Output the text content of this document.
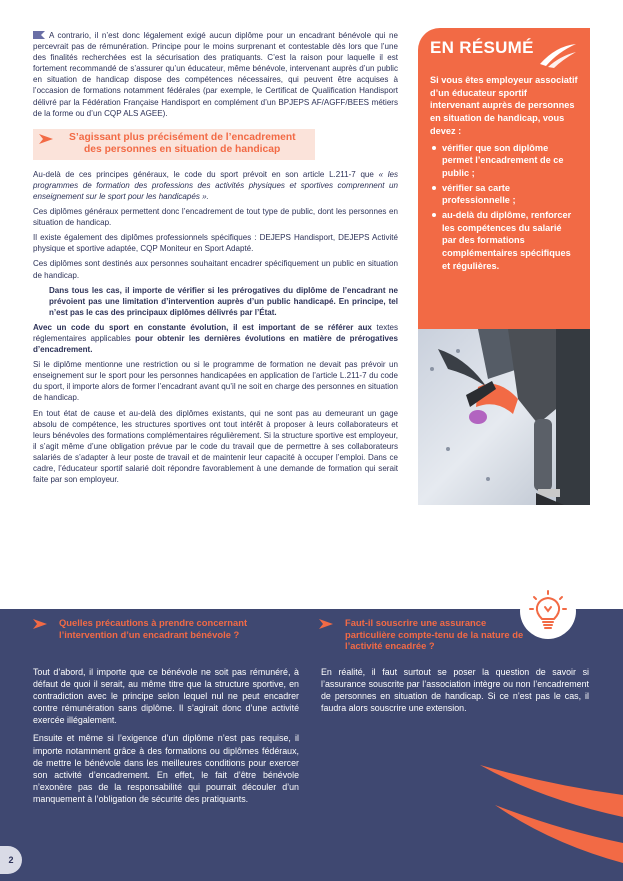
A contrario, il n’est donc légalement exigé aucun diplôme pour un encadrant bénévole qui ne percevrait pas de rémunération. Principe pour le moins surprenant et contestable dès lors que l’une des finalités recherchées est la sécurisation des pratiquants. C’est la raison pour laquelle il est fortement recommandé de s’assurer qu’un éducateur, même bénévole, intervenant auprès d’un public en situation de handicap dispose des compétences nécessaires, qui peuvent être acquises à l’occasion de formations notamment fédérales (par exemple, le Certificat de Qualification Handisport délivré par la Fédération Française Handisport en complément d’un BPJEPS AF/AGFF/BEES métiers de la forme ou d’un CQP ALS AGEE).

S’agissant plus précisément de l’encadrement
des personnes en situation de handicap

Au-delà de ces principes généraux, le code du sport prévoit en son article L.211-7 que « les programmes de formation des professions des activités physiques et sportives comprennent un enseignement sur le sport pour les handicapés ».

Ces diplômes généraux permettent donc l’encadrement de tout type de public, dont les personnes en situation de handicap.

Il existe également des diplômes professionnels spécifiques : DEJEPS Handisport, DEJEPS Activité physique et sportive adaptée, CQP Moniteur en Sport Adapté.

Ces diplômes sont destinés aux personnes souhaitant encadrer spécifiquement un public en situation de handicap.

Dans tous les cas, il importe de vérifier si les prérogatives du diplôme de l’encadrant ne prévoient pas une limitation d’intervention auprès d’un public handicapé. En principe, tel n’est pas le cas des principaux diplômes délivrés par l’État.

Avec un code du sport en constante évolution, il est important de se référer aux textes réglementaires applicables pour obtenir les dernières évolutions en matière de prérogatives d’encadrement.

Si le diplôme mentionne une restriction ou si le programme de formation ne devait pas prévoir un enseignement sur le sport pour les personnes handicapées en application de l’article L.211-7 du code du sport, il importe alors de former l’encadrant avant qu’il ne soit en charge des personnes en situation de handicap.

En tout état de cause et au-delà des diplômes existants, qui ne sont pas au demeurant un gage absolu de compétence, les structures sportives ont tout intérêt à proposer à leurs collaborateurs et leurs bénévoles des formations complémentaires régulièrement. Si la structure sportive est employeur, il s’agit même d’une obligation prévue par le code du travail que de permettre à ses collaborateurs salariés de s’adapter à leur poste de travail et de maintenir leur capacité à occuper l’emploi. Dans ce cadre, l’éducateur sportif salarié doit répondre favorablement à une demande de formation qui serait faite par son employeur.

EN RÉSUMÉ
Si vous êtes employeur associatif d’un éducateur sportif intervenant auprès de personnes en situation de handicap, vous devez :
vérifier que son diplôme permet l’encadrement de ce public ;
vérifier sa carte professionnelle ;
au-delà du diplôme, renforcer les compétences du salarié par des formations complémentaires spécifiques et régulières.
Quelles précautions à prendre concernant l’intervention d’un encadrant bénévole ?

Tout d’abord, il importe que ce bénévole ne soit pas rémunéré, à défaut de quoi il serait, au même titre que la structure sportive, en contradiction avec le principe selon lequel nul ne peut encadrer contre rémunération sans diplôme. Il s’agirait donc d’une activité exercée illégalement.

Ensuite et même si l’exigence d’un diplôme n’est pas requise, il importe notamment grâce à des formations ou diplômes fédéraux, de mettre le bénévole dans les meilleures conditions pour exercer son activité d’encadrement. En effet, le fait d’être bénévole n’exonère pas de la responsabilité qui pourrait découler d’un manquement à l’obligation de sécurité des pratiquants.

Faut-il souscrire une assurance particulière compte-tenu de la nature de l’activité encadrée ?

En réalité, il faut surtout se poser la question de savoir si l’assurance souscrite par l’association intègre ou non l’encadrement de personnes en situation de handicap. Si ce n’est pas le cas, il faudra alors souscrire une extension.

2
